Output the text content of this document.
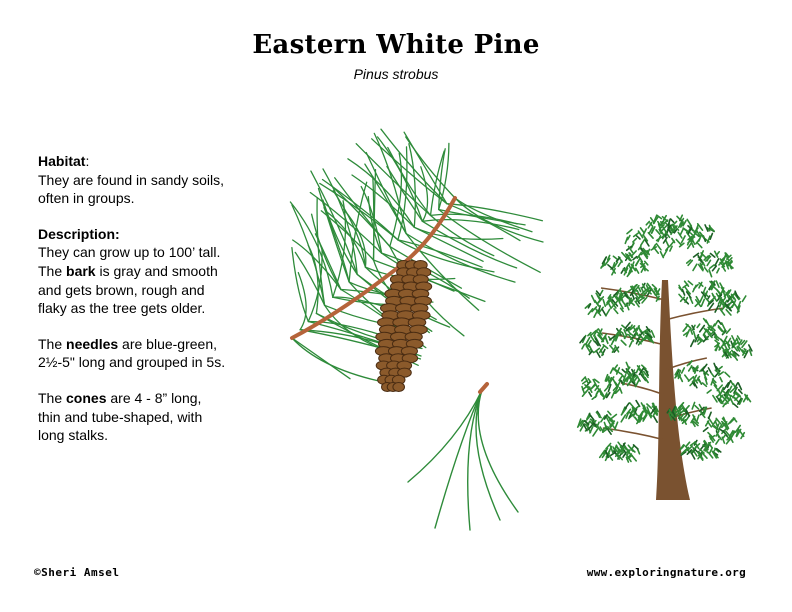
Eastern White Pine
Pinus strobus

Habitat:
They are found in sandy soils,
often in groups.

Description:
They can grow up to 100’ tall.
The bark is gray and smooth
and gets brown, rough and
flaky as the tree gets older.

The needles are blue-green,
2½-5" long and grouped in 5s.

The cones are 4 - 8” long,
thin and tube-shaped, with
long stalks.

©Sheri Amsel	www.exploringnature.org
